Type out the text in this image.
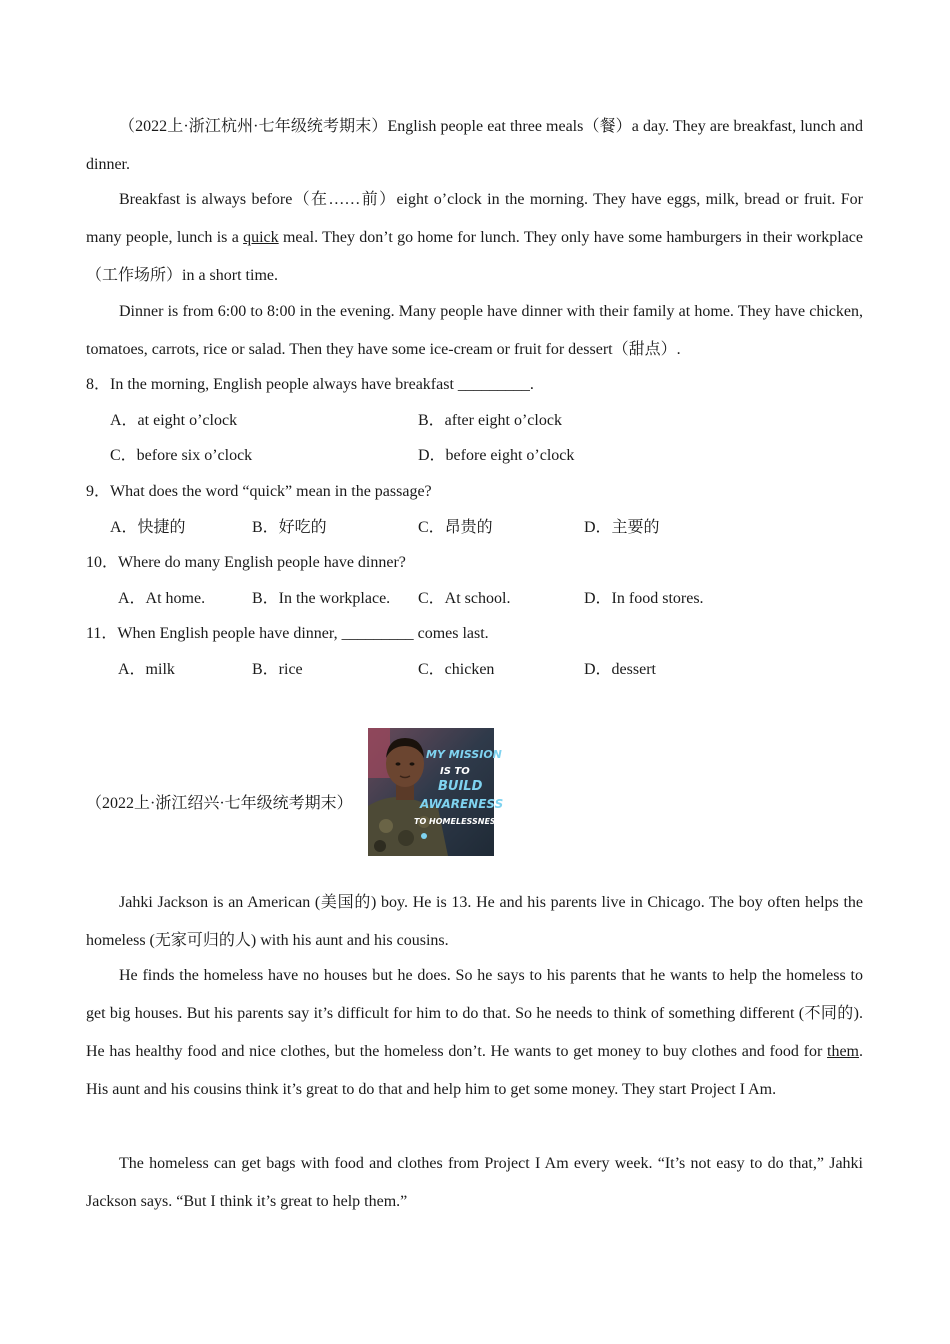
（2022上·浙江杭州·七年级统考期末）English people eat three meals（餐）a day. They are breakfast, lunch and dinner.

Breakfast is always before（在……前）eight o’clock in the morning. They have eggs, milk, bread or fruit. For many people, lunch is a quick meal. They don’t go home for lunch. They only have some hamburgers in their workplace（工作场所）in a short time.

Dinner is from 6:00 to 8:00 in the evening. Many people have dinner with their family at home. They have chicken, tomatoes, carrots, rice or salad. Then they have some ice-cream or fruit for dessert（甜点）.

8．In the morning, English people always have breakfast _________.

A．at eight o’clock	B．after eight o’clock

C．before six o’clock	D．before eight o’clock

9．What does the word “quick” mean in the passage?

A．快捷的	B．好吃的	C．昂贵的	D．主要的

10．Where do many English people have dinner?

A．At home.	B．In the workplace. C．At school.	D．In food stores.

11．When English people have dinner, _________ comes last.

A．milk	B．rice	C．chicken	D．dessert

（2022上·浙江绍兴·七年级统考期末）

MY MISSION
IS TO
BUILD
AWARENESS
TO HOMELESSNESS

Jahki Jackson is an American (美国的) boy. He is 13. He and his parents live in Chicago. The boy often helps the homeless (无家可归的人) with his aunt and his cousins.

He finds the homeless have no houses but he does. So he says to his parents that he wants to help the homeless to get big houses. But his parents say it’s difficult for him to do that. So he needs to think of something different (不同的). He has healthy food and nice clothes, but the homeless don’t. He wants to get money to buy clothes and food for them. His aunt and his cousins think it’s great to do that and help him to get some money. They start Project I Am.

The homeless can get bags with food and clothes from Project I Am every week. “It’s not easy to do that,” Jahki Jackson says. “But I think it’s great to help them.”
